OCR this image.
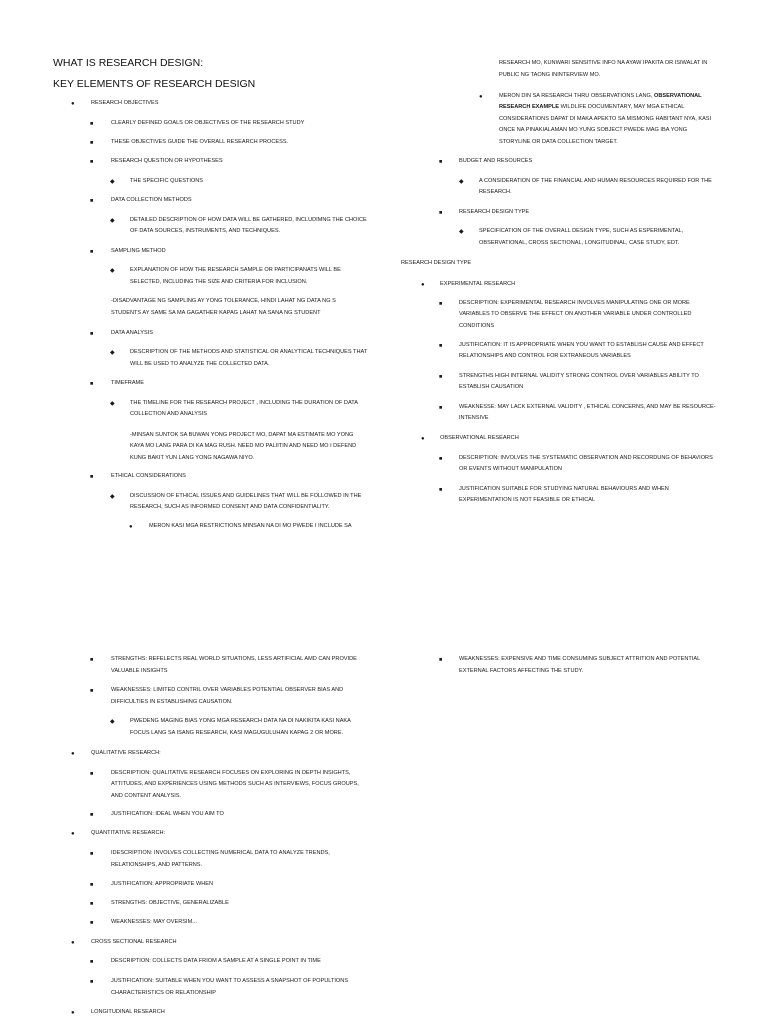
WHAT IS RESEARCH DESIGN:
KEY ELEMENTS OF RESEARCH DESIGN
●
RESEARCH OBJECTIVES
■
CLEARLY DEFINED GOALS OR OBJECTIVES OF THE RESEARCH STUDY
■
THESE OBJECTIVES GUIDE THE OVERALL RESEARCH PROCESS.
■
RESEARCH QUESTION OR HYPOTHESES
◆
THE SPECIFIC QUESTIONS
■
DATA COLLECTION METHODS
◆
DETAILED DESCRIPTION OF HOW DATA WILL BE GATHERED, INCLUDIMNG THE CHOICE
OF DATA SOURCES, INSTRUMENTS, AND TECHNIQUES.
■
SAMPLING METHOD
◆
EXPLANATION OF HOW THE RESEARCH SAMPLE OR PARTICIPANATS WILL BE
SELECTED, INCLUDING THE SIZE AND CRITERIA FOR INCLUSION.
-DISADVANTAGE NG SAMPLING AY YONG TOLERANCE, HINDI LAHAT NG DATA NG S
STUDENTS AY SAME SA MA GAGATHER KAPAG LAHAT NA SANA NG STUDENT
■
DATA ANALYSIS
◆
DESCRIPTION OF THE METHODS AND STATISTICAL OR ANALYTICAL TECHNIQUES THAT
WILL BE USED TO ANALYZE THE COLLECTED DATA.
■
TIMEFRAME
◆
THE TIMELINE FOR THE RESEARCH PROJECT , INCLUDING THE DURATION OF DATA
COLLECTION AND ANALYSIS
-MINSAN SUNTOK SA BUWAN YONG PROJECT MO, DAPAT MA ESTIMATE MO YONG
KAYA MO LANG PARA DI KA MAG RUSH. NEED MO PALIITIN AND NEED MO I DEFEND
KUNG BAKIT YUN LANG YONG NAGAWA NIYO.
■
ETHICAL CONSIDERATIONS
◆
DISCUSSION OF ETHICAL ISSUES AND GUIDELINES THAT WILL BE FOLLOWED IN THE
RESEARCH, SUCH AS INFORMED CONSENT AND DATA CONFIDENTIALITY.
●
MERON KASI MGA RESTRICTIONS MINSAN NA DI MO PWEDE I INCLUDE SA
RESEARCH MO, KUNWARI SENSITIVE INFO NA AYAW IPAKITA OR ISIWALAT IN
PUBLIC NG TAONG ININTERVIEW MO.
●
MERON DIN SA RESEARCH THRU OBSERVATIONS LANG, OBSERVATIONAL
RESEARCH EXAMPLE WILDLIFE DOCUMENTARY, MAY MGA ETHICAL
CONSIDERATIONS DAPAT DI MAKA APEKTO SA MISMONG HABITANT NYA, KASI
ONCE NA PINAKIALAMAN MO YUNG SOBJECT PWEDE MAG IBA YONG
STORYLINE OR DATA COLLECTION TARGET.
■
BUDGET AND RESOURCES
◆
A CONSIDERATION OF THE FINANCIAL AND HUMAN RESOURCES REQUIRED FOR THE
RESEARCH.
■
RESEARCH DESIGN TYPE
◆
SPECIFICATION OF THE OVERALL DESIGN TYPE, SUCH AS ESPERIMENTAL,
OBSERVATIONAL, CROSS SECTIONAL, LONGITUDINAL, CASE STUDY, EDT.
RESEARCH DESIGN TYPE
●
EXPERIMENTAL RESEARCH
■
DESCRIPTION: EXPERIMENTAL RESEARCH INVOLVES MANIPULATING ONE OR MORE
VARIABLES TO OBSERVE THE EFFECT ON ANOTHER VARIABLE UNDER CONTROLLED
CONDITIONS
■
JUSTIFICATION: IT IS APPROPRIATE WHEN YOU WANT TO ESTABLISH CAUSE AND EFFECT
RELATIONSHIPS AND CONTROL FOR EXTRANEOUS VARIABLES
■
STRENGTHS HIGH INTERNAL VALIDITY STRONG CONTROL OVER VARIABLES ABILITY TO
ESTABLISH CAUSATION
■
WEAKNESSE: MAY LACK EXTERNAL VALIDITY , ETHICAL CONCERNS, AND MAY BE RESOURCE-
INTENSIVE
●
OBSERVATIONAL RESEARCH
■
DESCRIPTION: INVOLVES THE SYSTEMATIC OBSERVATION AND RECORDUNG OF BEHAVIORS
OR EVENTS WITHOUT MANIPULATION
■
JUSTIFICATION SUITABLE FOR STUDYING NATURAL BEHAVIOURS AND WHEN
EXPERIMENTATION IS NOT FEASIBLE OR ETHICAL
■
STRENGTHS: REFELECTS REAL WORLD SITUATIONS, LESS ARTIFICIAL AMD CAN PROVIDE
VALUABLE INSIGHTS
■
WEAKNESSES: LIMITED CONTRIL OVER VARIABLES POTENTIAL OBSERVER BIAS AND
DIFFICULTIES IN ESTABLISHING CAUSATION.
◆
PWEDENG MAGING BIAS YONG MGA RESEARCH DATA NA DI NAKIKITA KASI NAKA
FOCUS LANG SA ISANG RESEARCH, KASI MAGUGULUHAN KAPAG 2 OR MORE.
●
QUALITATIVE RESEARCH:
■
DESCRIPTION: QUALITATIVE RESEARCH FOCUSES ON EXPLORING IN DEPTH INSIGHTS,
ATTITUDES, AND EXPERIENCES USING METHODS SUCH AS INTERVIEWS, FOCUS GROUPS,
AND CONTENT ANALYSIS.
■
JUSTIFICATION: IDEAL WHEN YOU AIM TO
●
QUANTITATIVE RESEARCH:
■
IDESCRIPTION: INVOLVES COLLECTING NUMERICAL DATA TO ANALYZE TRENDS,
RELATIONSHIPS, AND PATTERNS.
■
JUSTIFICATION: APPROPRIATE WHEN
■
STRENGTHS: OBJECTIVE, GENERALIZABLE
■
WEAKNESSES: MAY OVERSIM...
●
CROSS SECTIONAL RESEARCH
■
DESCRIPTION: COLLECTS DATA FRIOM A SAMPLE AT A SINGLE POINT IN TIME
■
JUSTIFICATION: SUITABLE WHEN YOU WANT TO ASSESS A SNAPSHOT OF POPULTIONS
CHARACTERISTICS OR RELATIONSHIP
●
LONGITUDINAL RESEARCH
■
WEAKNESSES: EXPENSIVE AND TIME CONSUMING SUBJECT ATTRITION AND POTENTIAL
EXTERNAL FACTORS AFFECTING THE STUDY.
